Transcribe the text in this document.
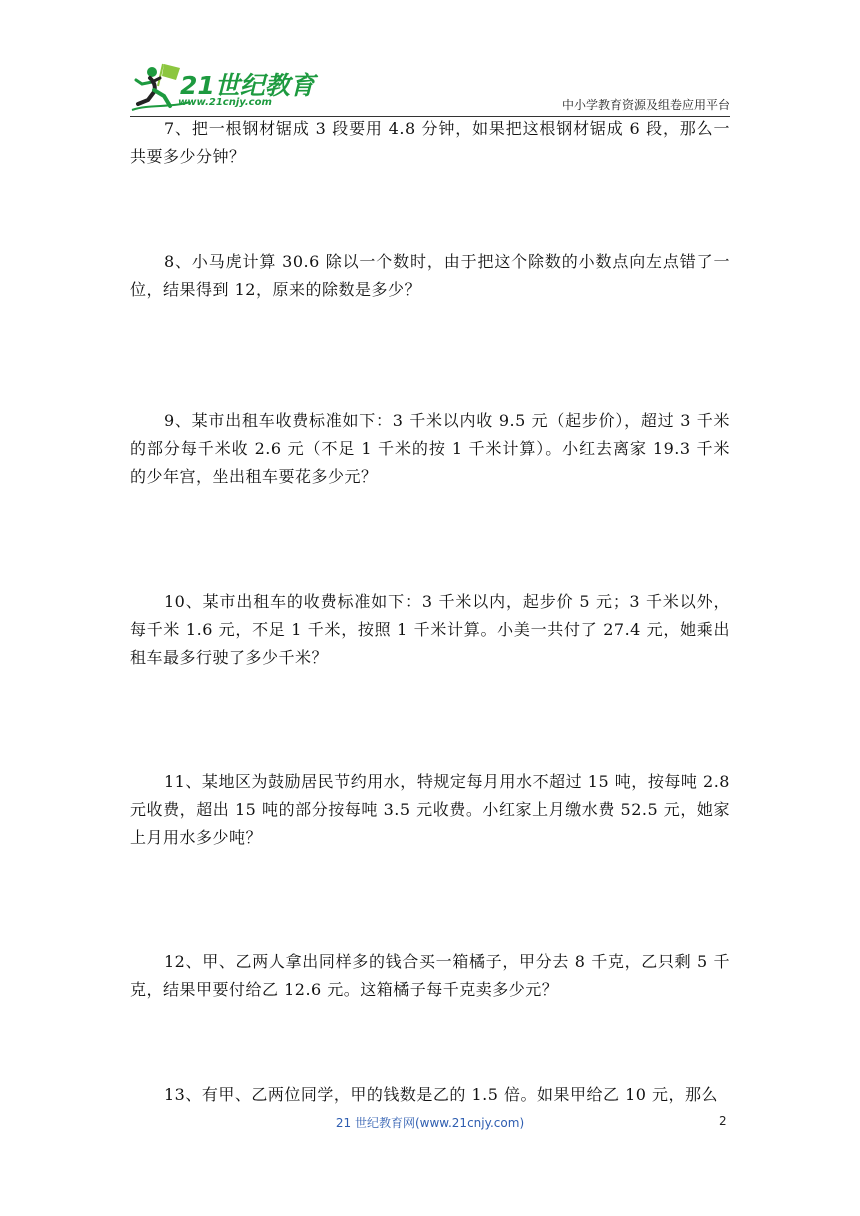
21世纪教育
www.21cnjy.com	中小学教育资源及组卷应用平台

7、把一根钢材锯成 3 段要用 4.8 分钟，如果把这根钢材锯成 6 段，那么一共要多少分钟？

8、小马虎计算 30.6 除以一个数时，由于把这个除数的小数点向左点错了一位，结果得到 12，原来的除数是多少？

9、某市出租车收费标准如下：3 千米以内收 9.5 元（起步价），超过 3 千米的部分每千米收 2.6 元（不足 1 千米的按 1 千米计算）。小红去离家 19.3 千米的少年宫，坐出租车要花多少元？

10、某市出租车的收费标准如下：3 千米以内，起步价 5 元；3 千米以外，每千米 1.6 元，不足 1 千米，按照 1 千米计算。小美一共付了 27.4 元，她乘出租车最多行驶了多少千米？

11、某地区为鼓励居民节约用水，特规定每月用水不超过 15 吨，按每吨 2.8 元收费，超出 15 吨的部分按每吨 3.5 元收费。小红家上月缴水费 52.5 元，她家上月用水多少吨？

12、甲、乙两人拿出同样多的钱合买一箱橘子，甲分去 8 千克，乙只剩 5 千克，结果甲要付给乙 12.6 元。这箱橘子每千克卖多少元？

13、有甲、乙两位同学，甲的钱数是乙的 1.5 倍。如果甲给乙 10 元，那么

21 世纪教育网(www.21cnjy.com)	2
